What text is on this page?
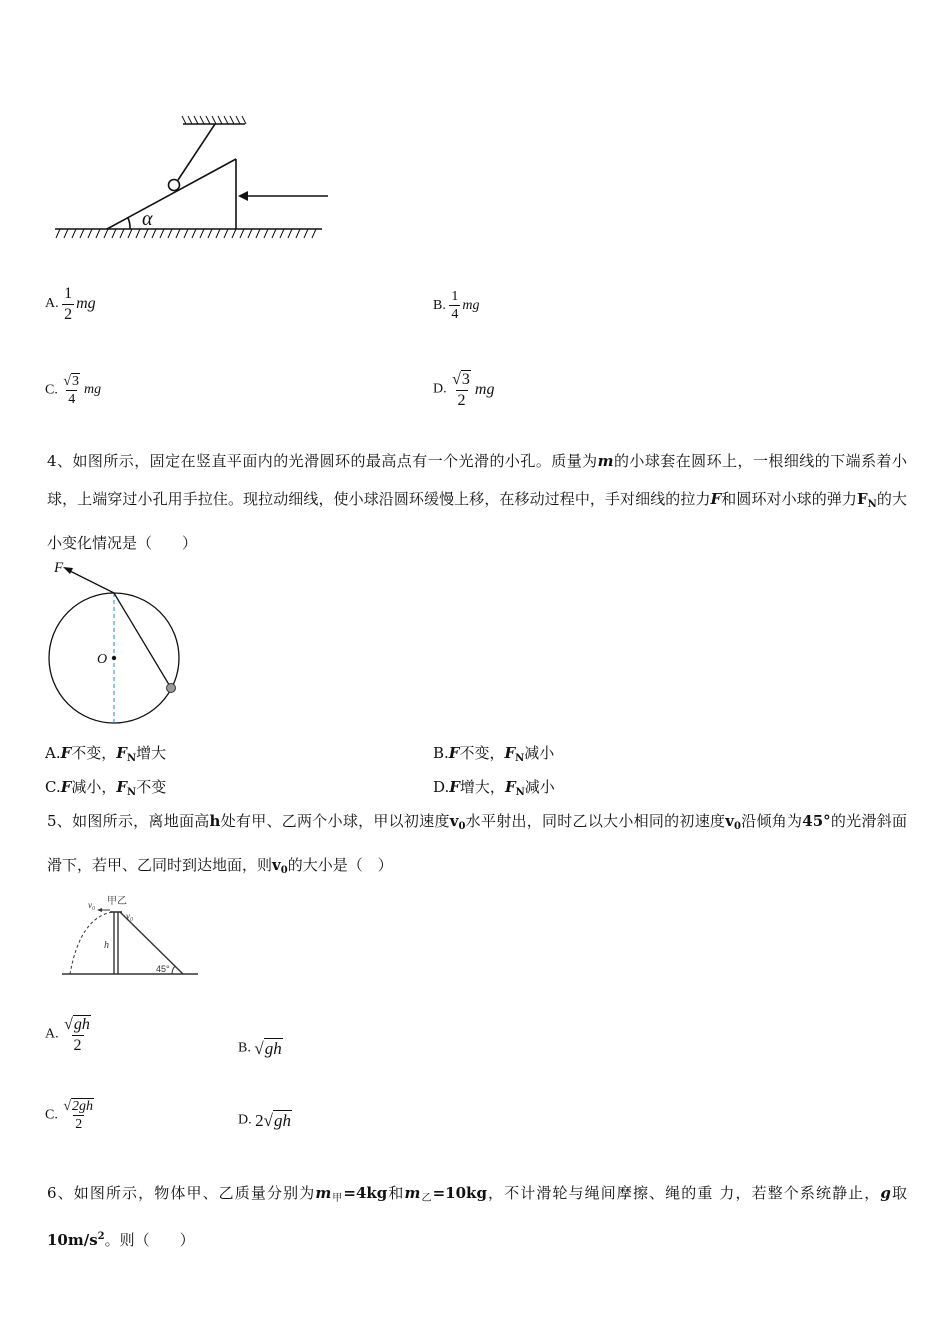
α
A. $\frac{1}{2}$ mg	B. $\frac{1}{4}$ mg
C. $\frac{√3}{4}$ mg	D. $\frac{√3}{2}$ mg
4、如图所示，固定在竖直平面内的光滑圆环的最高点有一个光滑的小孔。质量为m的小球套在圆环上，一根细线的下端系着小球，上端穿过小孔用手拉住。现拉动细线，使小球沿圆环缓慢上移，在移动过程中，手对细线的拉力F和圆环对小球的弹力$F_N$的大小变化情况是（　　）
F
O
A.F不变，$F_N$增大	B.F不变，$F_N$减小
C.F减小，$F_N$不变	D.F增大，$F_N$减小
5、如图所示，离地面高h处有甲、乙两个小球，甲以初速度$v_0$水平射出，同时乙以大小相同的初速度$v_0$沿倾角为45°的光滑斜面滑下，若甲、乙同时到达地面，则$v_0$的大小是（　）
甲乙
v₀
v₀
h
45°
A. $\frac{√gh}{2}$	B. √gh
C. $\frac{√2gh}{2}$	D. 2√gh
6、如图所示，物体甲、乙质量分别为$m_甲=4kg$和$m_乙=10kg$，不计滑轮与绳间摩擦、绳的重 力，若整个系统静止，g取$10m/s^2$。则（　　）
